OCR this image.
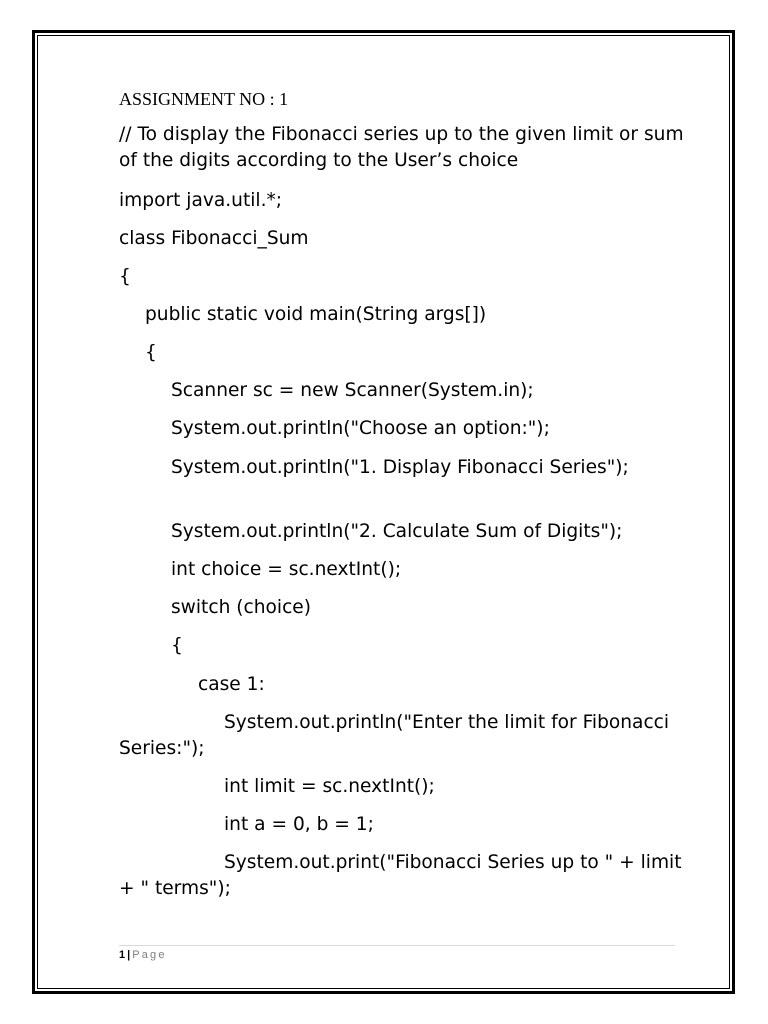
ASSIGNMENT NO : 1
// To display the Fibonacci series up to the given limit or sum of the digits according to the User’s choice
import java.util.*;
class Fibonacci_Sum
{
public static void main(String args[])
{
Scanner sc = new Scanner(System.in);
System.out.println("Choose an option:");
System.out.println("1. Display Fibonacci Series");
System.out.println("2. Calculate Sum of Digits");
int choice = sc.nextInt();
switch (choice)
{
case 1:
System.out.println("Enter the limit for Fibonacci Series:");
int limit = sc.nextInt();
int a = 0, b = 1;
System.out.print("Fibonacci Series up to " + limit + " terms");
1 | Page
